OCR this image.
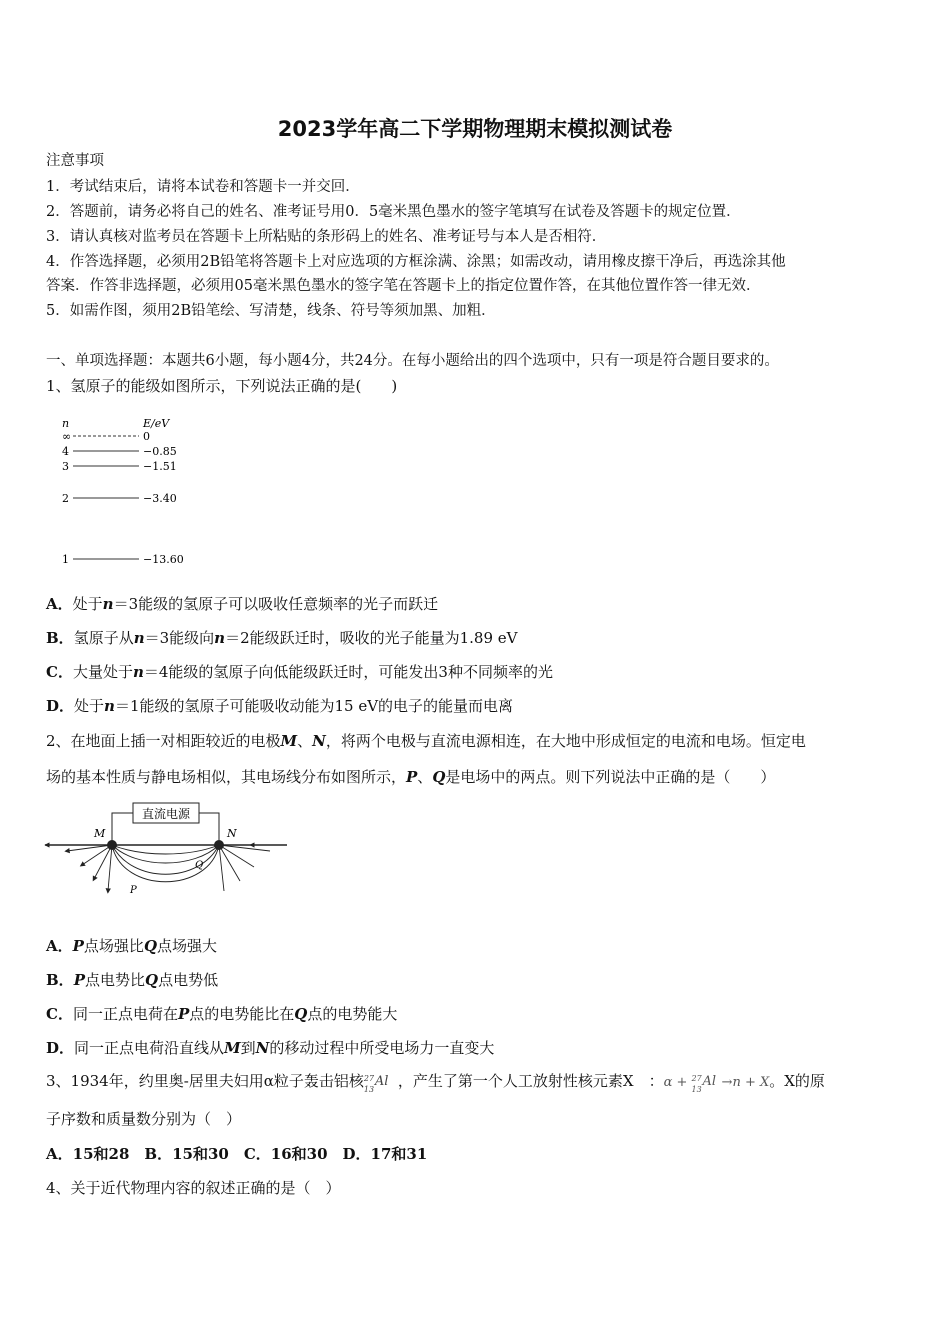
2023学年高二下学期物理期末模拟测试卷
注意事项
1．考试结束后，请将本试卷和答题卡一并交回．
2．答题前，请务必将自己的姓名、准考证号用0．5毫米黑色墨水的签字笔填写在试卷及答题卡的规定位置．
3．请认真核对监考员在答题卡上所粘贴的条形码上的姓名、准考证号与本人是否相符．
4．作答选择题，必须用2B铅笔将答题卡上对应选项的方框涂满、涂黑；如需改动，请用橡皮擦干净后，再选涂其他
答案．作答非选择题，必须用05毫米黑色墨水的签字笔在答题卡上的指定位置作答，在其他位置作答一律无效．
5．如需作图，须用2B铅笔绘、写清楚，线条、符号等须加黑、加粗．
一、单项选择题：本题共6小题，每小题4分，共24分。在每小题给出的四个选项中，只有一项是符合题目要求的。
1、氢原子的能级如图所示，下列说法正确的是(　　)
n	E/eV
∞	0
4	−0.85
3	−1.51
2	−3.40
1	−13.60
A．处于n＝3能级的氢原子可以吸收任意频率的光子而跃迁
B．氢原子从n＝3能级向n＝2能级跃迁时，吸收的光子能量为1.89 eV
C．大量处于n＝4能级的氢原子向低能级跃迁时，可能发出3种不同频率的光
D．处于n＝1能级的氢原子可能吸收动能为15 eV的电子的能量而电离
2、在地面上插一对相距较近的电极M、N，将两个电极与直流电源相连，在大地中形成恒定的电流和电场。恒定电
场的基本性质与静电场相似，其电场线分布如图所示，P、Q是电场中的两点。则下列说法中正确的是（　　）
直流电源
M	N
P
Q
A．P点场强比Q点场强大
B．P点电势比Q点电势低
C．同一正点电荷在P点的电势能比在Q点的电势能大
D．同一正点电荷沿直线从M到N的移动过程中所受电场力一直变大
3、1934年，约里奥-居里夫妇用α粒子轰击铝核 27
13
Al ，产生了第一个人工放射性核元素X　：α + 27
13
Al →n + X。X的原
子序数和质量数分别为（　）
A．15和28　B．15和30　C．16和30　D．17和31
4、关于近代物理内容的叙述正确的是（　）
